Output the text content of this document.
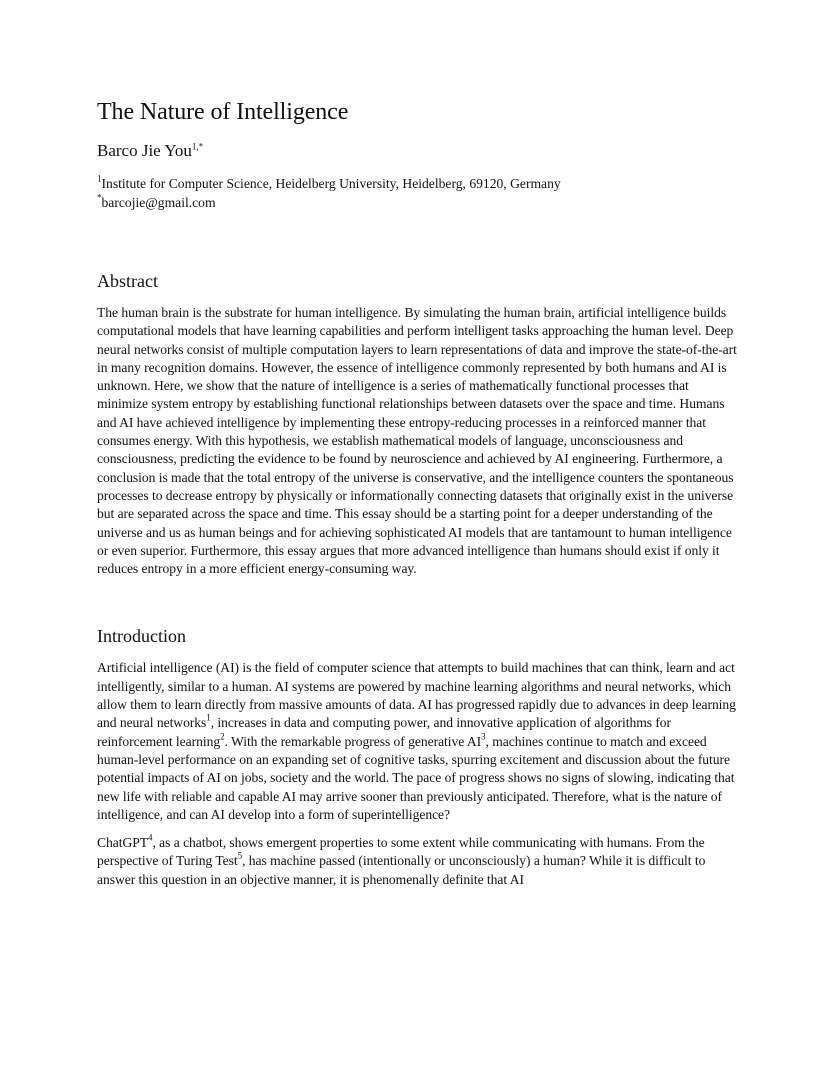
The Nature of Intelligence
Barco Jie You$^{1,*}$
$^1$Institute for Computer Science, Heidelberg University, Heidelberg, 69120, Germany
*barcojie@gmail.com
Abstract

The human brain is the substrate for human intelligence. By simulating the human brain, artificial intelligence builds computational models that have learning capabilities and perform intelligent tasks approaching the human level. Deep neural networks consist of multiple computation layers to learn representations of data and improve the state-of-the-art in many recognition domains. However, the essence of intelligence commonly represented by both humans and AI is unknown. Here, we show that the nature of intelligence is a series of mathematically functional processes that minimize system entropy by establishing functional relationships between datasets over the space and time. Humans and AI have achieved intelligence by implementing these entropy-reducing processes in a reinforced manner that consumes energy. With this hypothesis, we establish mathematical models of language, unconsciousness and consciousness, predicting the evidence to be found by neuroscience and achieved by AI engineering. Furthermore, a conclusion is made that the total entropy of the universe is conservative, and the intelligence counters the spontaneous processes to decrease entropy by physically or informationally connecting datasets that originally exist in the universe but are separated across the space and time. This essay should be a starting point for a deeper understanding of the universe and us as human beings and for achieving sophisticated AI models that are tantamount to human intelligence or even superior. Furthermore, this essay argues that more advanced intelligence than humans should exist if only it reduces entropy in a more efficient energy-consuming way.

Introduction

Artificial intelligence (AI) is the field of computer science that attempts to build machines that can think, learn and act intelligently, similar to a human. AI systems are powered by machine learning algorithms and neural networks, which allow them to learn directly from massive amounts of data. AI has progressed rapidly due to advances in deep learning and neural networks$^1$, increases in data and computing power, and innovative application of algorithms for reinforcement learning$^2$. With the remarkable progress of generative $AI^3$, machines continue to match and exceed human-level performance on an expanding set of cognitive tasks, spurring excitement and discussion about the future potential impacts of AI on jobs, society and the world. The pace of progress shows no signs of slowing, indicating that new life with reliable and capable AI may arrive sooner than previously anticipated. Therefore, what is the nature of intelligence, and can AI develop into a form of superintelligence?

ChatGPT$^4$, as a chatbot, shows emergent properties to some extent while communicating with humans. From the perspective of Turing Test$^5$, has machine passed (intentionally or unconsciously) a human? While it is difficult to answer this question in an objective manner, it is phenomenally definite that AI
